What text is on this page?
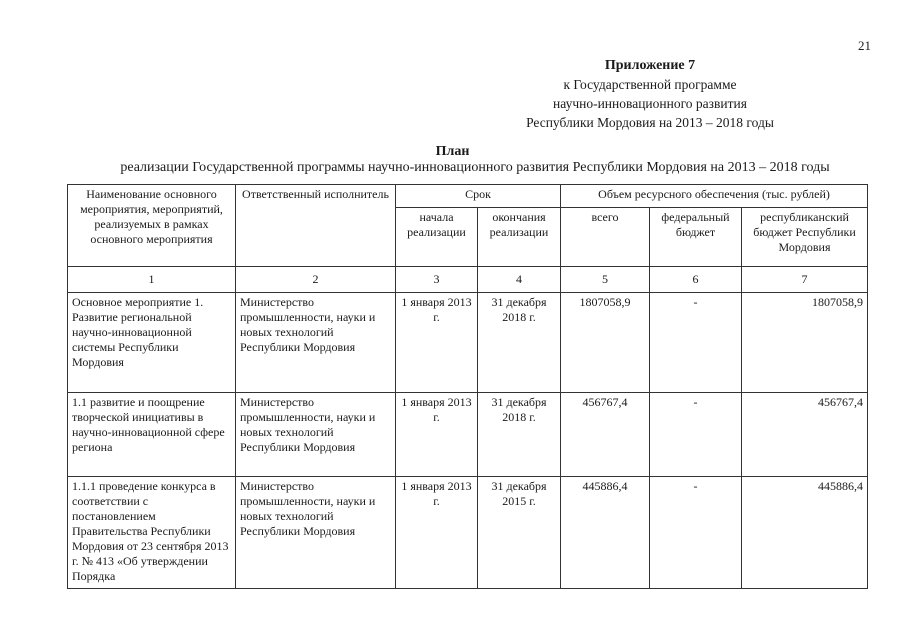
21
Приложение 7
к Государственной программе
научно-инновационного развития
Республики Мордовия на 2013 – 2018 годы
План
реализации Государственной программы научно-инновационного развития Республики Мордовия на 2013 – 2018 годы
Наименование основного мероприятия, мероприятий, реализуемых в рамках основного мероприятия	Ответственный исполнитель	Срок		Объем ресурсного обеспечения (тыс. рублей)		
		начала реализации	окончания реализации	всего	федеральный бюджет	республиканский бюджет Республики Мордовия
1	2	3	4	5	6	7
Основное мероприятие 1. Развитие региональной научно-инновационной системы Республики Мордовия	Министерство промышленности, науки и новых технологий Республики Мордовия	1 января 2013 г.	31 декабря 2018 г.	1807058,9	-	1807058,9
1.1 развитие и поощрение творческой инициативы в научно-инновационной сфере региона	Министерство промышленности, науки и новых технологий Республики Мордовия	1 января 2013 г.	31 декабря 2018 г.	456767,4	-	456767,4
1.1.1 проведение конкурса в соответствии с постановлением Правительства Республики Мордовия от 23 сентября 2013 г. № 413 «Об утверждении Порядка	Министерство промышленности, науки и новых технологий Республики Мордовия	1 января 2013 г.	31 декабря 2015 г.	445886,4	-	445886,4
